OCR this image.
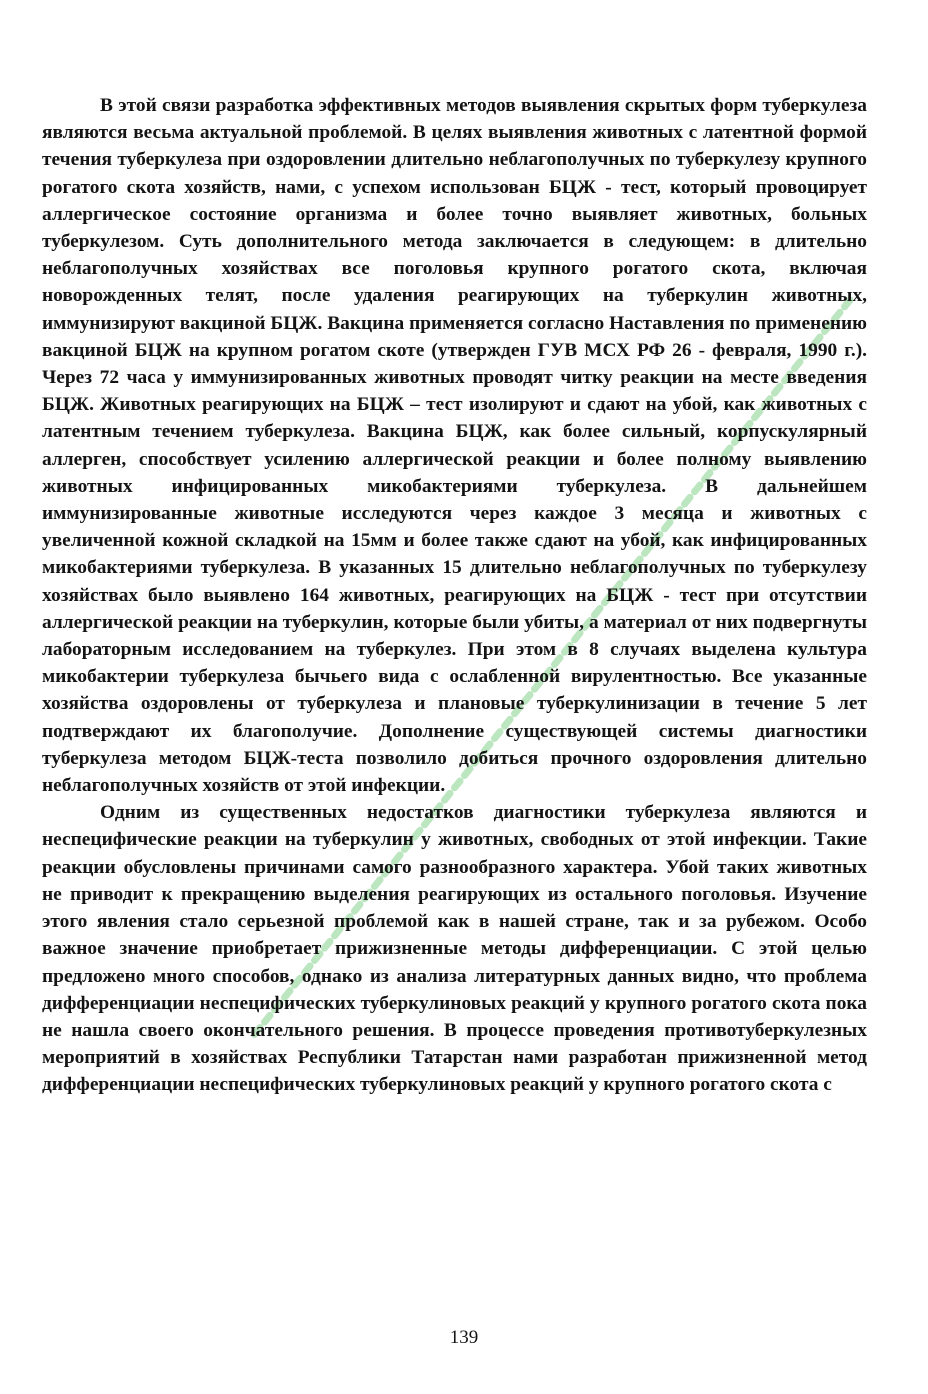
В этой связи разработка эффективных методов выявления скрытых форм туберкулеза являются весьма актуальной проблемой. В целях выявления животных с латентной формой течения туберкулеза при оздоровлении длительно неблагополучных по туберкулезу крупного рогатого скота хозяйств, нами, с успехом использован БЦЖ - тест, который провоцирует аллергическое состояние организма и более точно выявляет животных, больных туберкулезом. Суть дополнительного метода заключается в следующем: в длительно неблагополучных хозяйствах все поголовья крупного рогатого скота, включая новорожденных телят, после удаления реагирующих на туберкулин животных, иммунизируют вакциной БЦЖ. Вакцина применяется согласно Наставления по применению вакциной БЦЖ на крупном рогатом скоте (утвержден ГУВ МСХ РФ 26 - февраля, 1990 г.). Через 72 часа у иммунизированных животных проводят читку реакции на месте введения БЦЖ. Животных реагирующих на БЦЖ – тест изолируют и сдают на убой, как животных с латентным течением туберкулеза. Вакцина БЦЖ, как более сильный, корпускулярный аллерген, способствует усилению аллергической реакции и более полному выявлению животных инфицированных микобактериями туберкулеза. В дальнейшем иммунизированные животные исследуются через каждое 3 месяца и животных с увеличенной кожной складкой на 15мм и более также сдают на убой, как инфицированных микобактериями туберкулеза. В указанных 15 длительно неблагополучных по туберкулезу хозяйствах было выявлено 164 животных, реагирующих на БЦЖ - тест при отсутствии аллергической реакции на туберкулин, которые были убиты, а материал от них подвергнуты лабораторным исследованием на туберкулез. При этом в 8 случаях выделена культура микобактерии туберкулеза бычьего вида с ослабленной вирулентностью. Все указанные хозяйства оздоровлены от туберкулеза и плановые туберкулинизации в течение 5 лет подтверждают их благополучие. Дополнение существующей системы диагностики туберкулеза методом БЦЖ-теста позволило добиться прочного оздоровления длительно неблагополучных хозяйств от этой инфекции.

Одним из существенных недостатков диагностики туберкулеза являются и неспецифические реакции на туберкулин у животных, свободных от этой инфекции. Такие реакции обусловлены причинами самого разнообразного характера. Убой таких животных не приводит к прекращению выделения реагирующих из остального поголовья. Изучение этого явления стало серьезной проблемой как в нашей стране, так и за рубежом. Особо важное значение приобретает прижизненные методы дифференциации. С этой целью предложено много способов, однако из анализа литературных данных видно, что проблема дифференциации неспецифических туберкулиновых реакций у крупного рогатого скота пока не нашла своего окончательного решения. В процессе проведения противотуберкулезных мероприятий в хозяйствах Республики Татарстан нами разработан прижизненной метод дифференциации неспецифических туберкулиновых реакций у крупного рогатого скота с

139
